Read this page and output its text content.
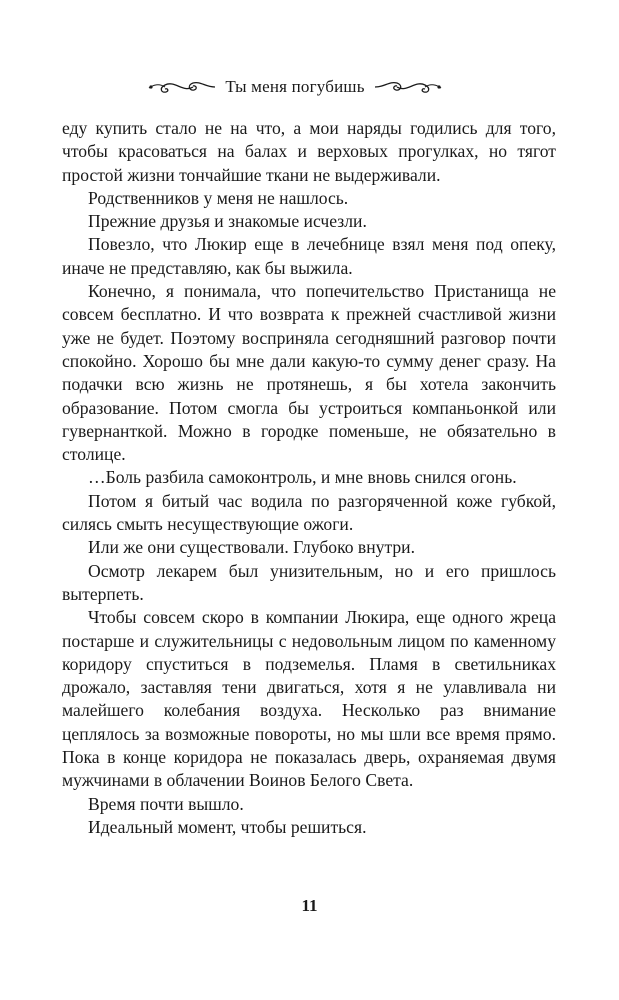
Ты меня погубишь

еду купить стало не на что, а мои наряды годились для того, чтобы красоваться на балах и верховых прогулках, но тягот простой жизни тончайшие ткани не выдерживали.

Родственников у меня не нашлось.

Прежние друзья и знакомые исчезли.

Повезло, что Люкир еще в лечебнице взял меня под опеку, иначе не представляю, как бы выжила.

Конечно, я понимала, что попечительство Пристанища не совсем бесплатно. И что возврата к прежней счастливой жизни уже не будет. Поэтому восприняла сегодняшний разговор почти спокойно. Хорошо бы мне дали какую-то сумму денег сразу. На подачки всю жизнь не протянешь, я бы хотела закончить образование. Потом смогла бы устроиться компаньонкой или гувернанткой. Можно в городке поменьше, не обязательно в столице.

…Боль разбила самоконтроль, и мне вновь снился огонь.

Потом я битый час водила по разгоряченной коже губкой, силясь смыть несуществующие ожоги.

Или же они существовали. Глубоко внутри.

Осмотр лекарем был унизительным, но и его пришлось вытерпеть.

Чтобы совсем скоро в компании Люкира, еще одного жреца постарше и служительницы с недовольным лицом по каменному коридору спуститься в подземелья. Пламя в светильниках дрожало, заставляя тени двигаться, хотя я не улавливала ни малейшего колебания воздуха. Несколько раз внимание цеплялось за возможные повороты, но мы шли все время прямо. Пока в конце коридора не показалась дверь, охраняемая двумя мужчинами в облачении Воинов Белого Света.

Время почти вышло.

Идеальный момент, чтобы решиться.

11
